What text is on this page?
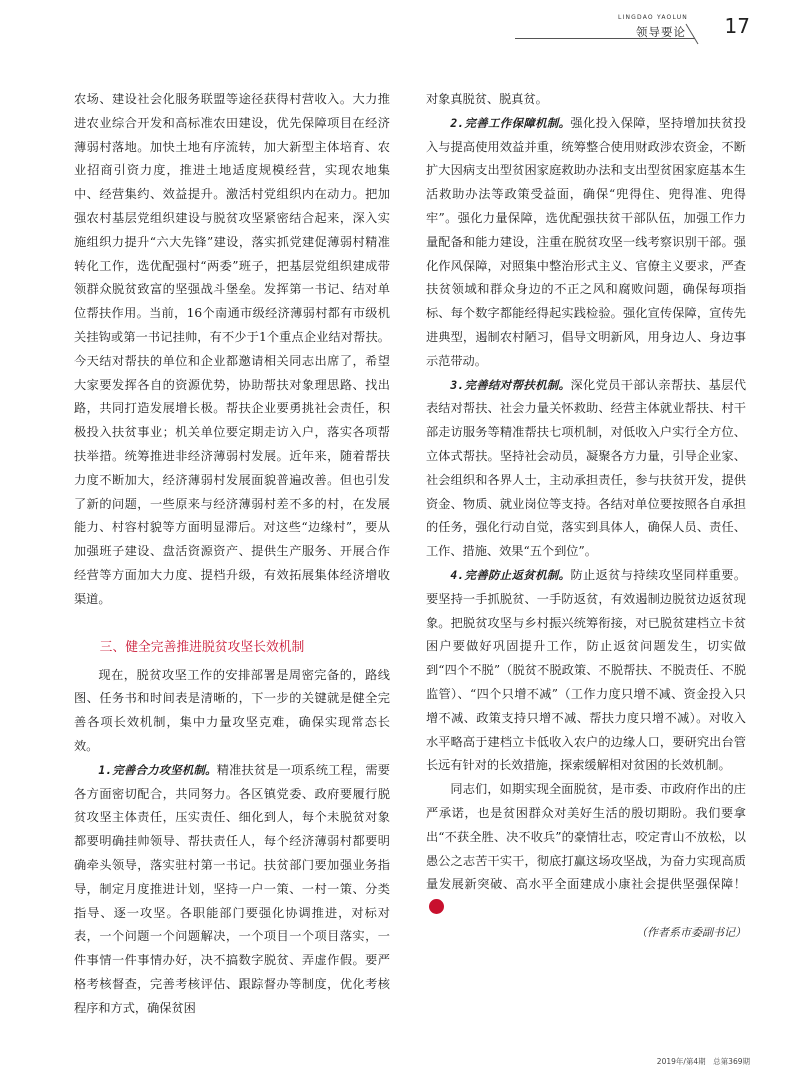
LINGDAO YAOLUN
领导要论 17

农场、建设社会化服务联盟等途径获得村营收入。大力推进农业综合开发和高标准农田建设，优先保障项目在经济薄弱村落地。加快土地有序流转，加大新型主体培育、农业招商引资力度，推进土地适度规模经营，实现农地集中、经营集约、效益提升。激活村党组织内在动力。把加强农村基层党组织建设与脱贫攻坚紧密结合起来，深入实施组织力提升“六大先锋”建设，落实抓党建促薄弱村精准转化工作，选优配强村“两委”班子，把基层党组织建成带领群众脱贫致富的坚强战斗堡垒。发挥第一书记、结对单位帮扶作用。当前，16个南通市级经济薄弱村都有市级机关挂钩或第一书记挂帅，有不少于1个重点企业结对帮扶。今天结对帮扶的单位和企业都邀请相关同志出席了，希望大家要发挥各自的资源优势，协助帮扶对象理思路、找出路，共同打造发展增长极。帮扶企业要勇挑社会责任，积极投入扶贫事业；机关单位要定期走访入户，落实各项帮扶举措。统筹推进非经济薄弱村发展。近年来，随着帮扶力度不断加大，经济薄弱村发展面貌普遍改善。但也引发了新的问题，一些原来与经济薄弱村差不多的村，在发展能力、村容村貌等方面明显滞后。对这些“边缘村”，要从加强班子建设、盘活资源资产、提供生产服务、开展合作经营等方面加大力度、提档升级，有效拓展集体经济增收渠道。

三、健全完善推进脱贫攻坚长效机制

现在，脱贫攻坚工作的安排部署是周密完备的，路线图、任务书和时间表是清晰的，下一步的关键就是健全完善各项长效机制，集中力量攻坚克难，确保实现常态长效。

1.完善合力攻坚机制。精准扶贫是一项系统工程，需要各方面密切配合，共同努力。各区镇党委、政府要履行脱贫攻坚主体责任，压实责任、细化到人，每个未脱贫对象都要明确挂帅领导、帮扶责任人，每个经济薄弱村都要明确牵头领导，落实驻村第一书记。扶贫部门要加强业务指导，制定月度推进计划，坚持一户一策、一村一策、分类指导、逐一攻坚。各职能部门要强化协调推进，对标对表，一个问题一个问题解决，一个项目一个项目落实，一件事情一件事情办好，决不搞数字脱贫、弄虚作假。要严格考核督查，完善考核评估、跟踪督办等制度，优化考核程序和方式，确保贫困

对象真脱贫、脱真贫。

2.完善工作保障机制。强化投入保障，坚持增加扶贫投入与提高使用效益并重，统筹整合使用财政涉农资金，不断扩大因病支出型贫困家庭救助办法和支出型贫困家庭基本生活救助办法等政策受益面，确保“兜得住、兜得准、兜得牢”。强化力量保障，选优配强扶贫干部队伍，加强工作力量配备和能力建设，注重在脱贫攻坚一线考察识别干部。强化作风保障，对照集中整治形式主义、官僚主义要求，严查扶贫领域和群众身边的不正之风和腐败问题，确保每项指标、每个数字都能经得起实践检验。强化宣传保障，宣传先进典型，遏制农村陋习，倡导文明新风，用身边人、身边事示范带动。

3.完善结对帮扶机制。深化党员干部认亲帮扶、基层代表结对帮扶、社会力量关怀救助、经营主体就业帮扶、村干部走访服务等精准帮扶七项机制，对低收入户实行全方位、立体式帮扶。坚持社会动员，凝聚各方力量，引导企业家、社会组织和各界人士，主动承担责任，参与扶贫开发，提供资金、物质、就业岗位等支持。各结对单位要按照各自承担的任务，强化行动自觉，落实到具体人，确保人员、责任、工作、措施、效果“五个到位”。

4.完善防止返贫机制。防止返贫与持续攻坚同样重要。要坚持一手抓脱贫、一手防返贫，有效遏制边脱贫边返贫现象。把脱贫攻坚与乡村振兴统筹衔接，对已脱贫建档立卡贫困户要做好巩固提升工作，防止返贫问题发生，切实做到“四个不脱”（脱贫不脱政策、不脱帮扶、不脱责任、不脱监管）、“四个只增不减”（工作力度只增不减、资金投入只增不减、政策支持只增不减、帮扶力度只增不减）。对收入水平略高于建档立卡低收入农户的边缘人口，要研究出台管长远有针对的长效措施，探索缓解相对贫困的长效机制。

同志们，如期实现全面脱贫，是市委、市政府作出的庄严承诺，也是贫困群众对美好生活的殷切期盼。我们要拿出“不获全胜、决不收兵”的豪情壮志，咬定青山不放松，以愚公之志苦干实干，彻底打赢这场攻坚战，为奋力实现高质量发展新突破、高水平全面建成小康社会提供坚强保障！

（作者系市委副书记）

2019年/第4期　总第369期
